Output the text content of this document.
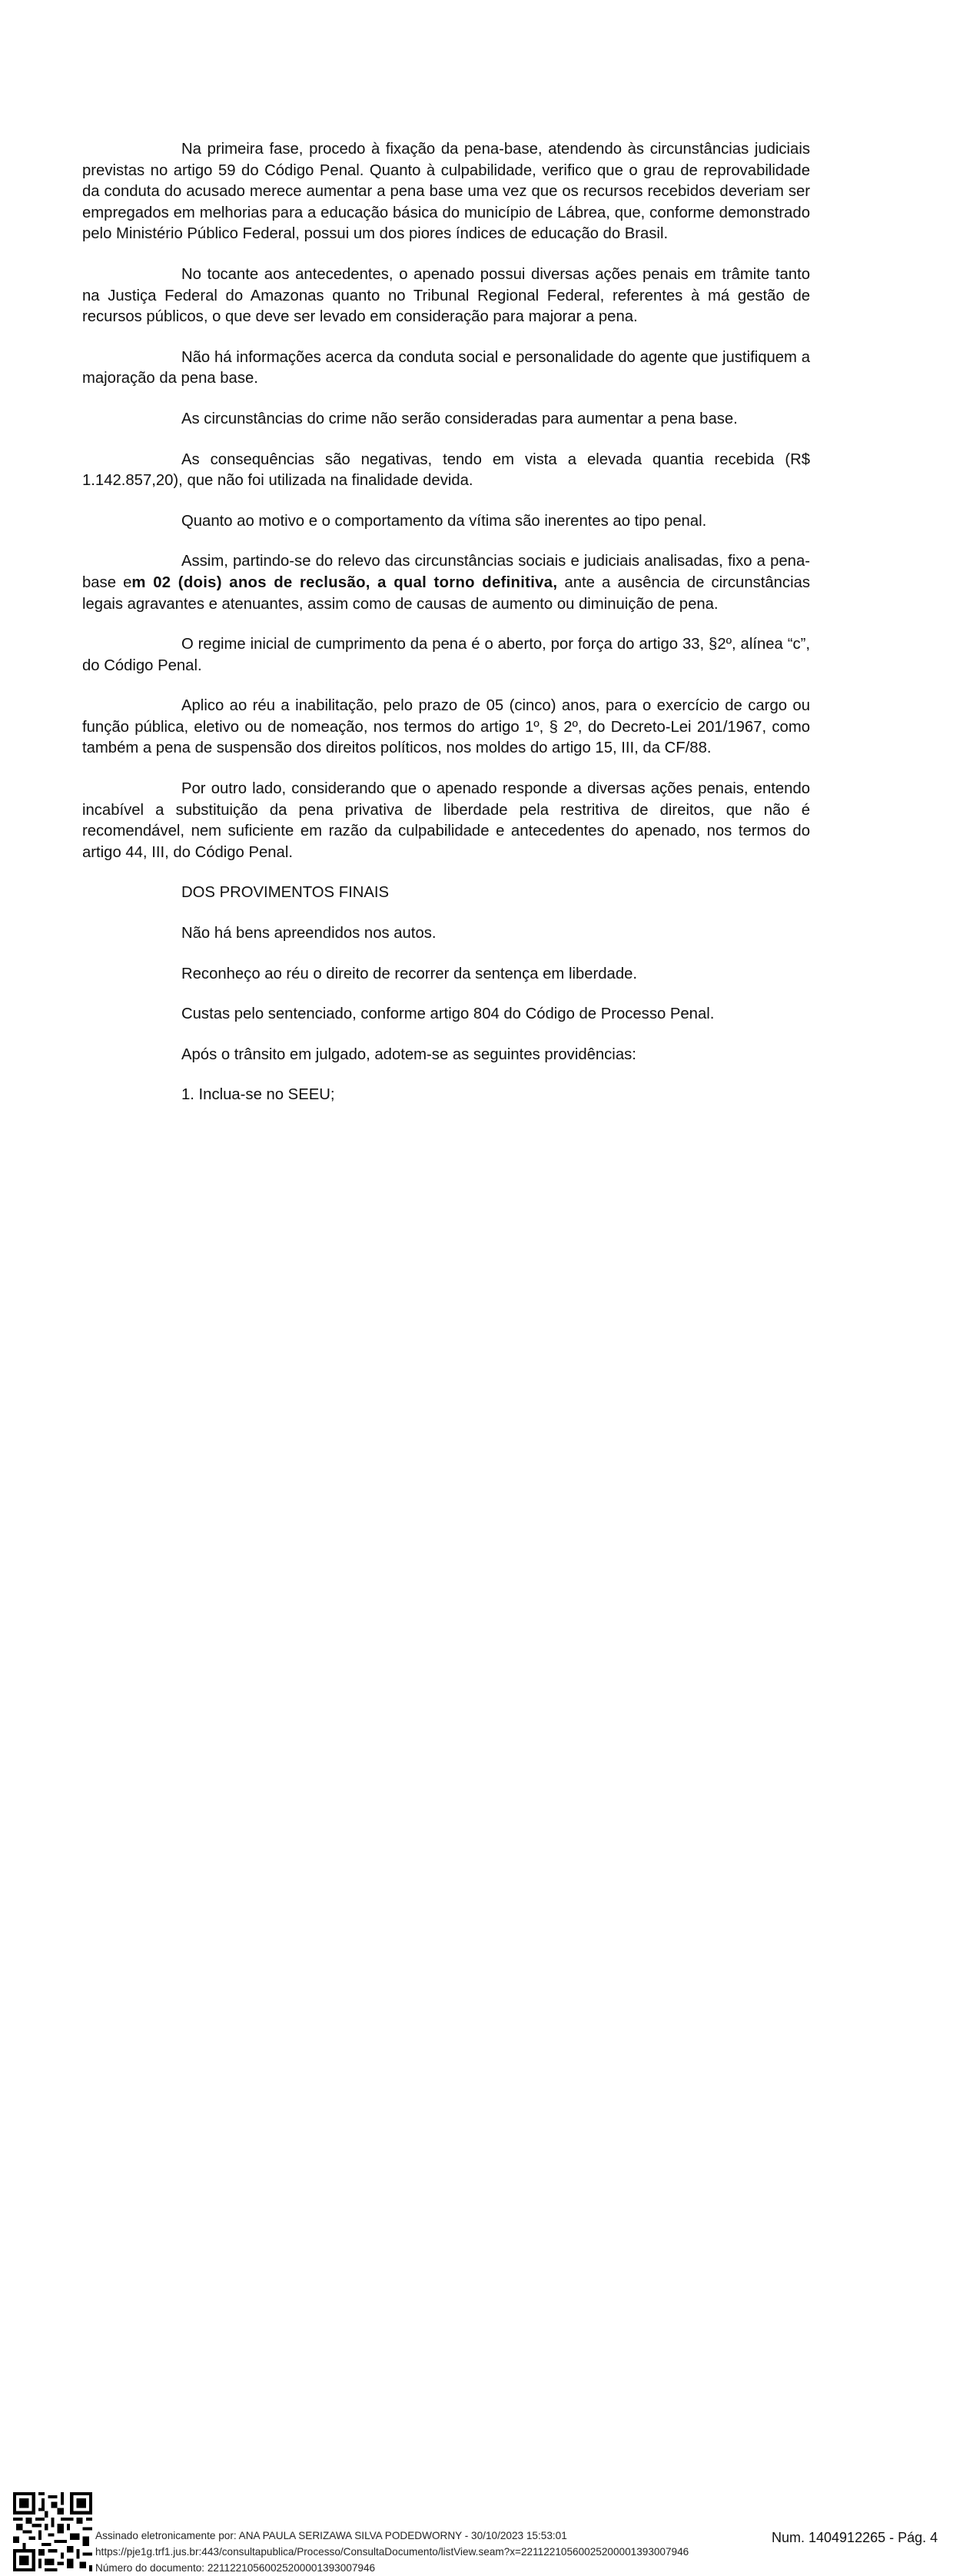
Na primeira fase, procedo à fixação da pena-base, atendendo às circunstâncias judiciais previstas no artigo 59 do Código Penal. Quanto à culpabilidade, verifico que o grau de reprovabilidade da conduta do acusado merece aumentar a pena base uma vez que os recursos recebidos deveriam ser empregados em melhorias para a educação básica do município de Lábrea, que, conforme demonstrado pelo Ministério Público Federal, possui um dos piores índices de educação do Brasil.

No tocante aos antecedentes, o apenado possui diversas ações penais em trâmite tanto na Justiça Federal do Amazonas quanto no Tribunal Regional Federal, referentes à má gestão de recursos públicos, o que deve ser levado em consideração para majorar a pena.

Não há informações acerca da conduta social e personalidade do agente que justifiquem a majoração da pena base.

As circunstâncias do crime não serão consideradas para aumentar a pena base.

As consequências são negativas, tendo em vista a elevada quantia recebida (R$ 1.142.857,20), que não foi utilizada na finalidade devida.

Quanto ao motivo e o comportamento da vítima são inerentes ao tipo penal.

Assim, partindo-se do relevo das circunstâncias sociais e judiciais analisadas, fixo a pena-base em 02 (dois) anos de reclusão, a qual torno definitiva, ante a ausência de circunstâncias legais agravantes e atenuantes, assim como de causas de aumento ou diminuição de pena.

O regime inicial de cumprimento da pena é o aberto, por força do artigo 33, §2º, alínea “c”, do Código Penal.

Aplico ao réu a inabilitação, pelo prazo de 05 (cinco) anos, para o exercício de cargo ou função pública, eletivo ou de nomeação, nos termos do artigo 1º, § 2º, do Decreto-Lei 201/1967, como também a pena de suspensão dos direitos políticos, nos moldes do artigo 15, III, da CF/88.

Por outro lado, considerando que o apenado responde a diversas ações penais, entendo incabível a substituição da pena privativa de liberdade pela restritiva de direitos, que não é recomendável, nem suficiente em razão da culpabilidade e antecedentes do apenado, nos termos do artigo 44, III, do Código Penal.

DOS PROVIMENTOS FINAIS

Não há bens apreendidos nos autos.

Reconheço ao réu o direito de recorrer da sentença em liberdade.

Custas pelo sentenciado, conforme artigo 804 do Código de Processo Penal.

Após o trânsito em julgado, adotem-se as seguintes providências:

1. Inclua-se no SEEU;

Assinado eletronicamente por: ANA PAULA SERIZAWA SILVA PODEDWORNY - 30/10/2023 15:53:01
https://pje1g.trf1.jus.br:443/consultapublica/Processo/ConsultaDocumento/listView.seam?x=22112210560025200001393007946
Número do documento: 22112210560025200001393007946
Num. 1404912265 - Pág. 4
